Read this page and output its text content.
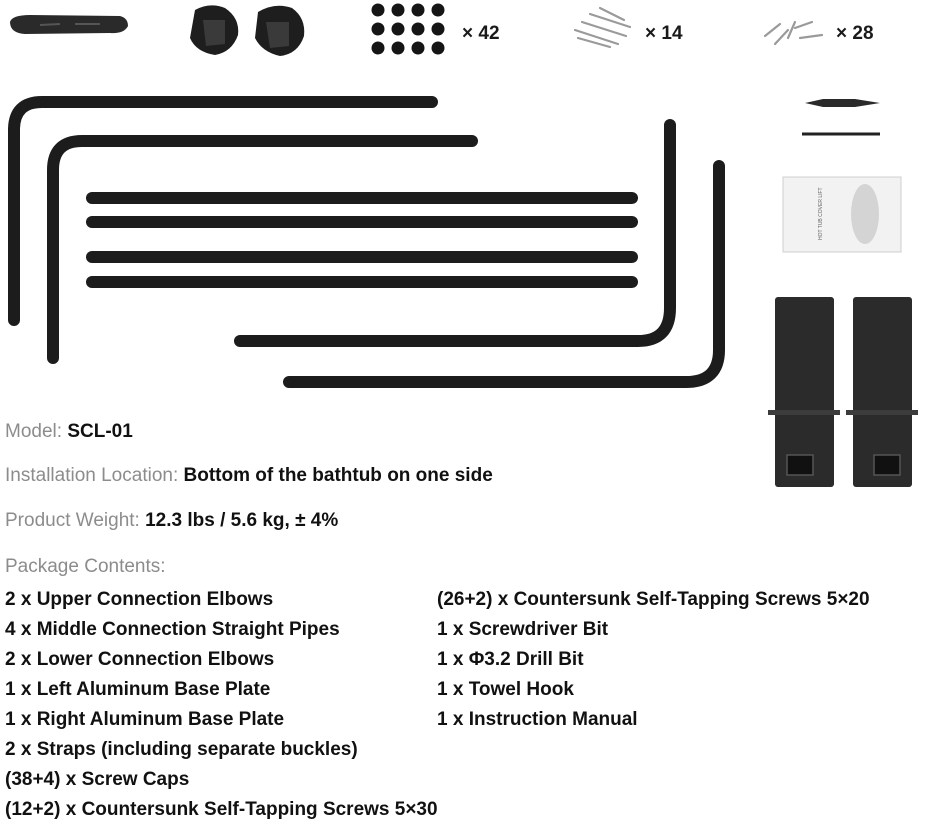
× 42	× 14	× 28
Model: SCL-01
Installation Location: Bottom of the bathtub on one side
Product Weight: 12.3 lbs / 5.6 kg, ± 4%
Package Contents:
2 x Upper Connection Elbows
4 x Middle Connection Straight Pipes
2 x Lower Connection Elbows
1 x Left Aluminum Base Plate
1 x Right Aluminum Base Plate
2 x Straps (including separate buckles)
(38+4) x Screw Caps
(12+2) x Countersunk Self-Tapping Screws 5×30
(26+2) x Countersunk Self-Tapping Screws 5×20
1 x Screwdriver Bit
1 x Φ3.2 Drill Bit
1 x Towel Hook
1 x Instruction Manual
